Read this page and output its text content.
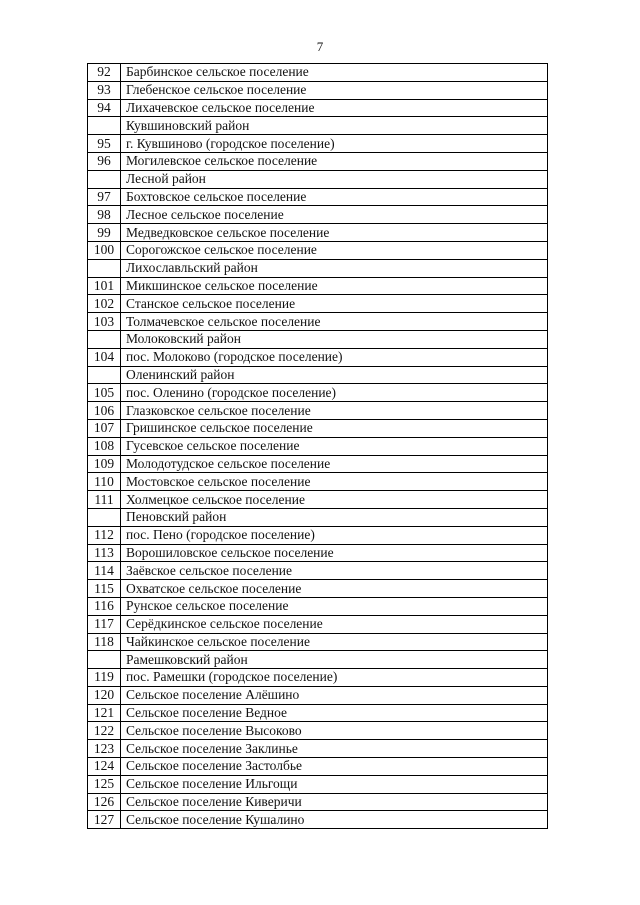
7
92	Барбинское сельское поселение
93	Глебенское сельское поселение
94	Лихачевское сельское поселение
	Кувшиновский район
95	г. Кувшиново (городское поселение)
96	Могилевское сельское поселение
	Лесной район
97	Бохтовское сельское поселение
98	Лесное сельское поселение
99	Медведковское сельское поселение
100	Сорогожское сельское поселение
	Лихославльский район
101	Микшинское сельское поселение
102	Станское сельское поселение
103	Толмачевское сельское поселение
	Молоковский район
104	пос. Молоково (городское поселение)
	Оленинский район
105	пос. Оленино (городское поселение)
106	Глазковское сельское поселение
107	Гришинское сельское поселение
108	Гусевское сельское поселение
109	Молодотудское сельское поселение
110	Мостовское сельское поселение
111	Холмецкое сельское поселение
	Пеновский район
112	пос. Пено (городское поселение)
113	Ворошиловское сельское поселение
114	Заёвское сельское поселение
115	Охватское сельское поселение
116	Рунское сельское поселение
117	Серёдкинское сельское поселение
118	Чайкинское сельское поселение
	Рамешковский район
119	пос. Рамешки (городское поселение)
120	Сельское поселение Алёшино
121	Сельское поселение Ведное
122	Сельское поселение Высоково
123	Сельское поселение Заклинье
124	Сельское поселение Застолбье
125	Сельское поселение Ильгощи
126	Сельское поселение Киверичи
127	Сельское поселение Кушалино
